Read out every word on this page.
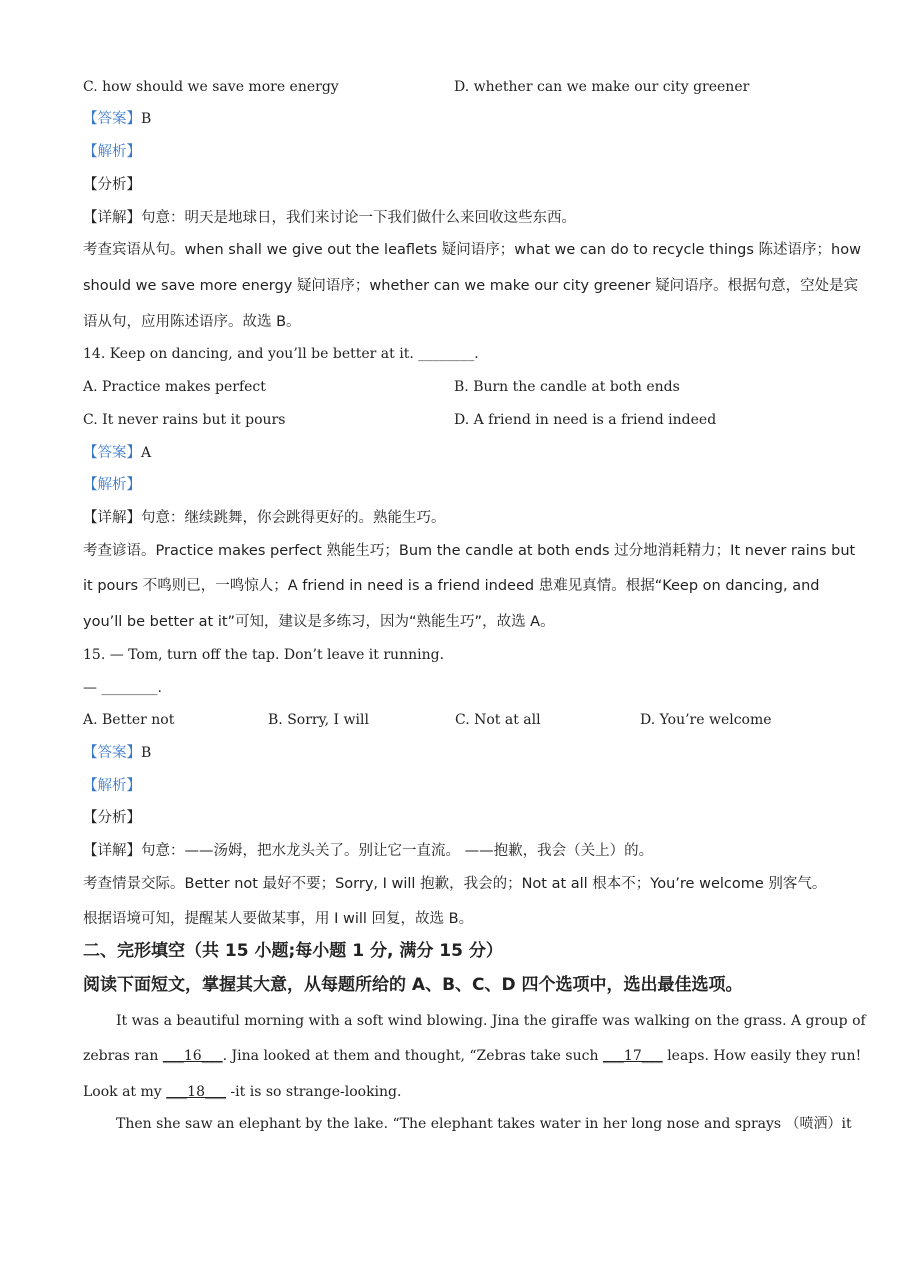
C. how should we save more energy	D. whether can we make our city greener
【答案】B
【解析】
【分析】
【详解】句意：明天是地球日，我们来讨论一下我们做什么来回收这些东西。
考查宾语从句。when shall we give out the leaflets 疑问语序；what we can do to recycle things 陈述语序；how
should we save more energy 疑问语序；whether can we make our city greener 疑问语序。根据句意，空处是宾
语从句，应用陈述语序。故选 B。
14. Keep on dancing, and you’ll be better at it. ________.
A. Practice makes perfect	B. Burn the candle at both ends
C. It never rains but it pours	D. A friend in need is a friend indeed
【答案】A
【解析】
【详解】句意：继续跳舞，你会跳得更好的。熟能生巧。
考查谚语。Practice makes perfect 熟能生巧；Bum the candle at both ends 过分地消耗精力；It never rains but
it pours 不鸣则已，一鸣惊人；A friend in need is a friend indeed 患难见真情。根据“Keep on dancing, and
you’ll be better at it”可知，建议是多练习，因为“熟能生巧”，故选 A。
15. — Tom, turn off the tap. Don’t leave it running.
— ________.
A. Better not	B. Sorry, I will	C. Not at all	D. You’re welcome
【答案】B
【解析】
【分析】
【详解】句意：——汤姆，把水龙头关了。别让它一直流。 ——抱歉，我会（关上）的。
考查情景交际。Better not 最好不要；Sorry, I will 抱歉，我会的；Not at all 根本不；You’re welcome 别客气。
根据语境可知，提醒某人要做某事，用 I will 回复，故选 B。
二、完形填空（共 15 小题;每小题 1 分, 满分 15 分）
阅读下面短文，掌握其大意，从每题所给的 A、B、C、D 四个选项中，选出最佳选项。
It was a beautiful morning with a soft wind blowing. Jina the giraffe was walking on the grass. A group of
zebras ran ___16___. Jina looked at them and thought, “Zebras take such ___17___ leaps. How easily they run!
Look at my ___18___ -it is so strange-looking.
Then she saw an elephant by the lake. “The elephant takes water in her long nose and sprays （喷洒）it
